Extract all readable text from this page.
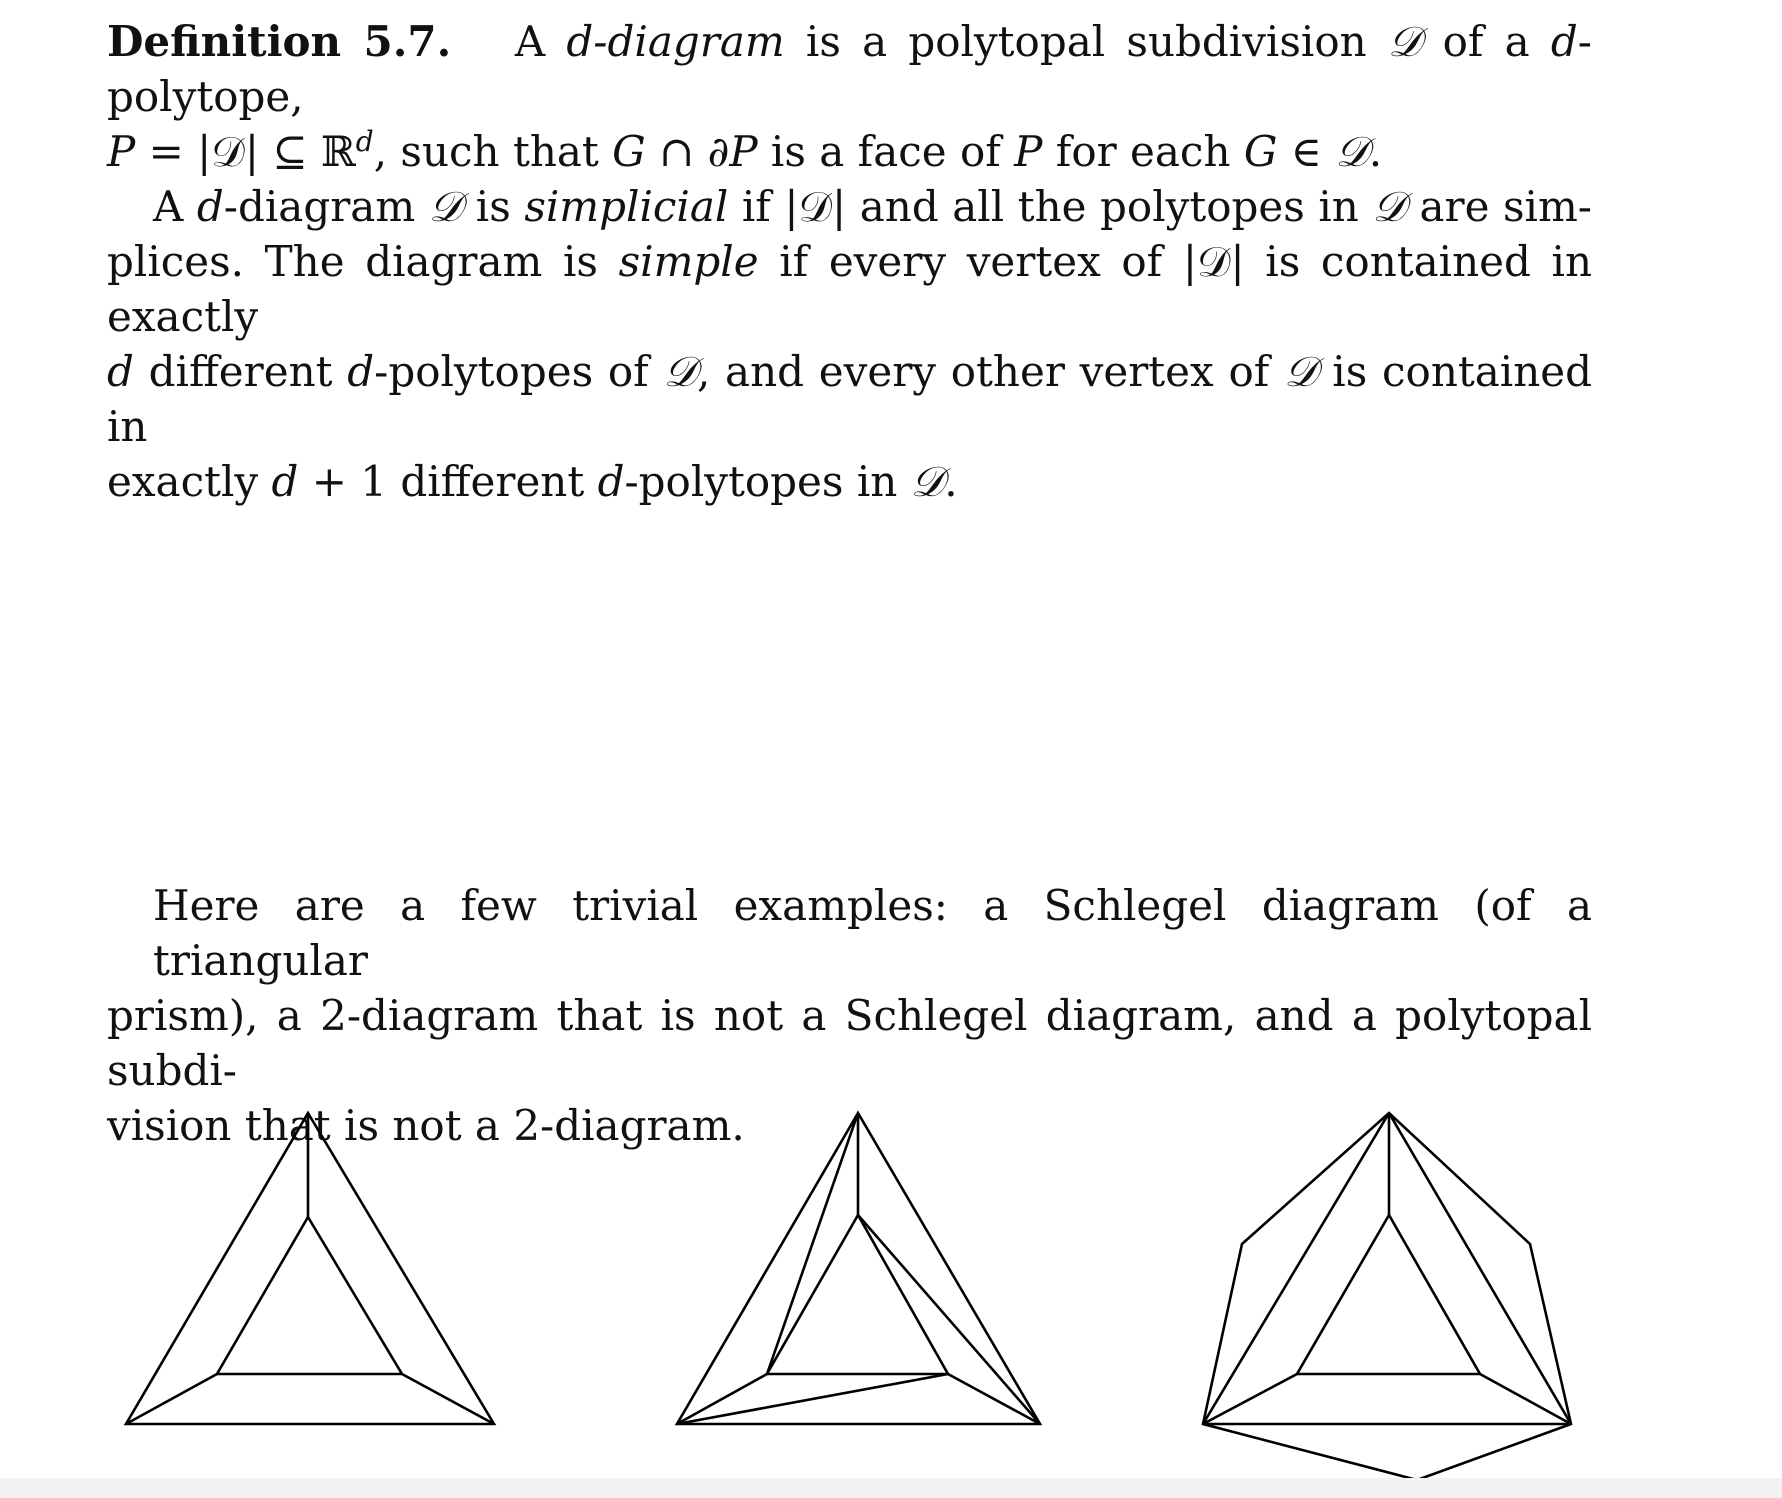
Definition 5.7. A d-diagram is a polytopal subdivision 𝒟 of a d-polytope,
P = |𝒟| ⊆ ℝ$^d$, such that G ∩ ∂P is a face of P for each G ∈ 𝒟.
A d-diagram 𝒟 is simplicial if |𝒟| and all the polytopes in 𝒟 are sim-
plices. The diagram is simple if every vertex of |𝒟| is contained in exactly
d different d-polytopes of 𝒟, and every other vertex of 𝒟 is contained in
exactly d + 1 different d-polytopes in 𝒟.
Here are a few trivial examples: a Schlegel diagram (of a triangular
prism), a 2-diagram that is not a Schlegel diagram, and a polytopal subdi-
vision that is not a 2-diagram.
